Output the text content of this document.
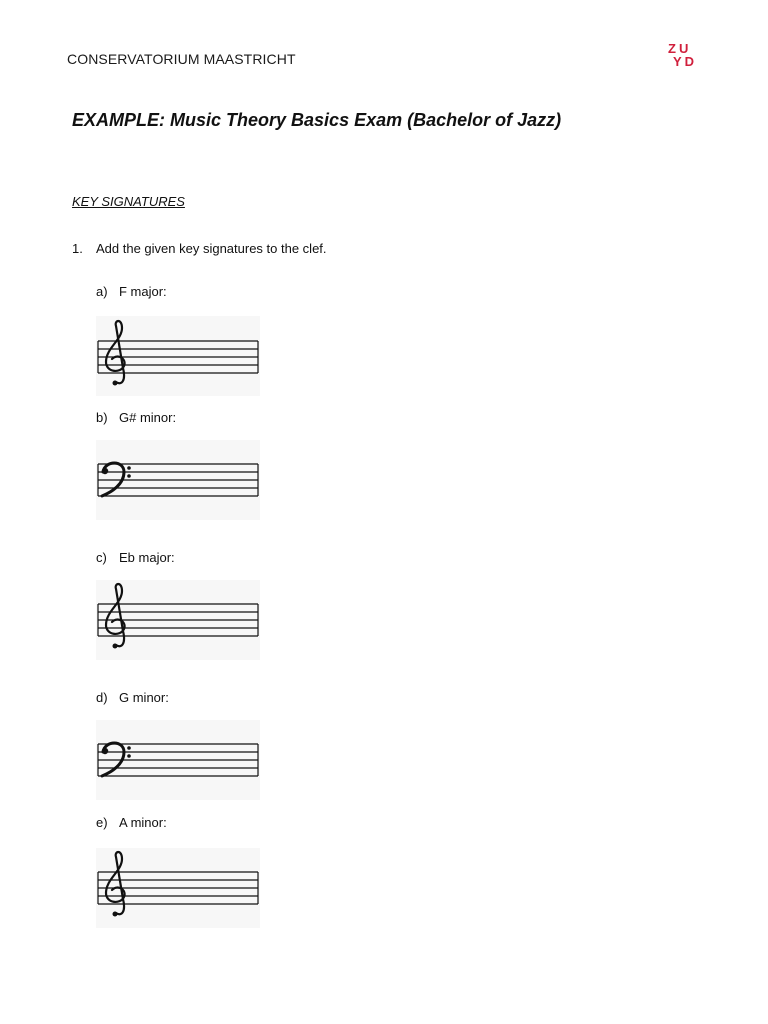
CONSERVATORIUM MAASTRICHT
ZU
YD
EXAMPLE: Music Theory Basics Exam (Bachelor of Jazz)
KEY SIGNATURES
1. Add the given key signatures to the clef.
a) F major:
b) G# minor:
c) Eb major:
d) G minor:
e) A minor:
